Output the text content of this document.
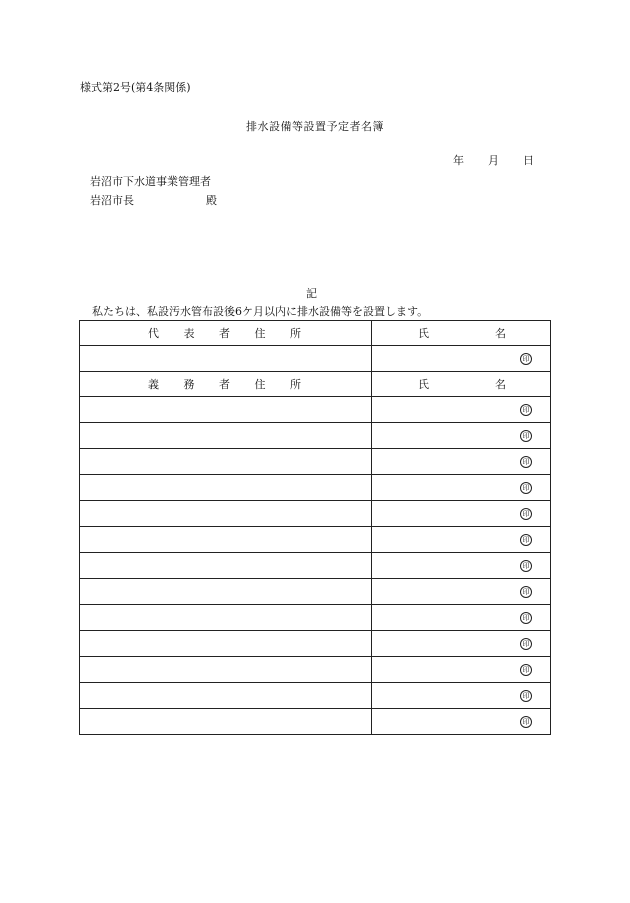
様式第2号(第4条関係)
排水設備等設置予定者名簿
年 月 日
岩沼市下水道事業管理者
岩沼市長	殿
記
私たちは、私設汚水管布設後6ケ月以内に排水設備等を設置します。
代 表 者 住 所	氏 名

	印

義 務 者 住 所	氏 名

	印
	印
	印
	印
	印
	印
	印
	印
	印
	印
	印
	印
	印
